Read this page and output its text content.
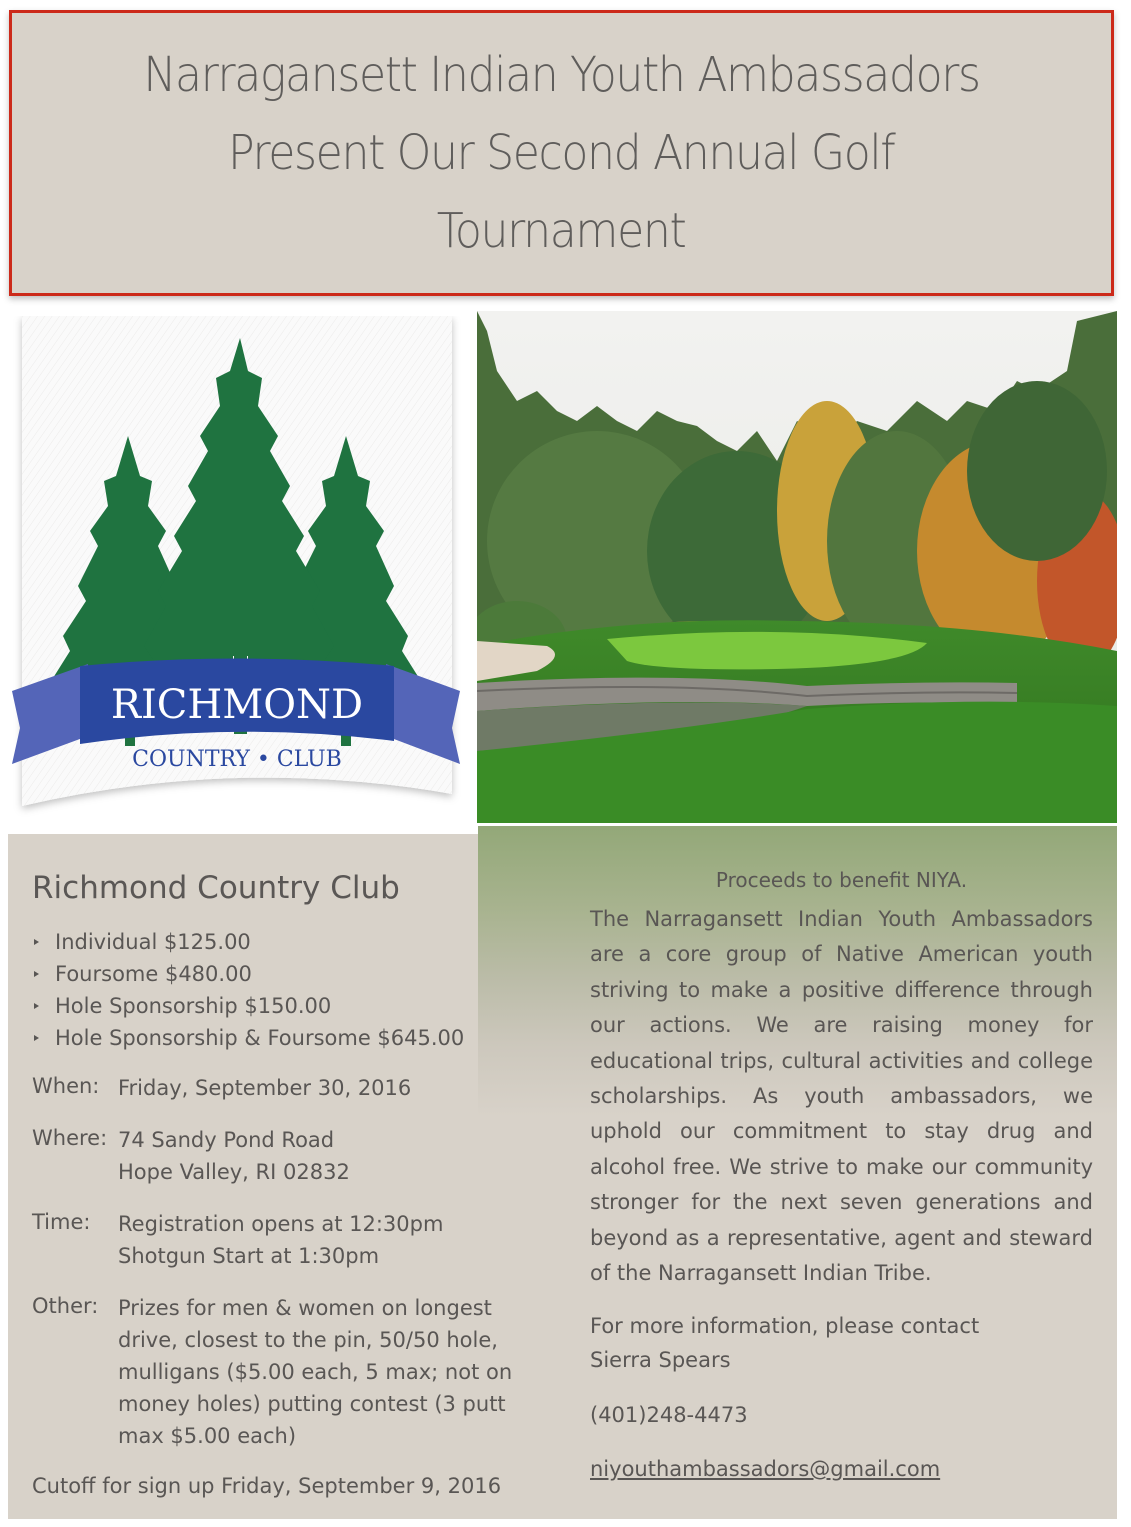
Narragansett Indian Youth Ambassadors
Present Our Second Annual Golf
Tournament
RICHMOND
COUNTRY • CLUB
Richmond Country Club
Individual $125.00
Foursome $480.00
Hole Sponsorship $150.00
Hole Sponsorship & Foursome $645.00
When: Friday, September 30, 2016
Where: 74 Sandy Pond Road
Hope Valley, RI 02832
Time: Registration opens at 12:30pm
Shotgun Start at 1:30pm
Other: Prizes for men & women on longest
drive, closest to the pin, 50/50 hole,
mulligans ($5.00 each, 5 max; not on
money holes) putting contest (3 putt
max $5.00 each)
Cutoff for sign up Friday, September 9, 2016
Proceeds to benefit NIYA.
The Narragansett Indian Youth Ambassadors are a core group of Native American youth striving to make a positive difference through our actions. We are raising money for educational trips, cultural activities and college scholarships. As youth ambassadors, we uphold our commitment to stay drug and alcohol free. We strive to make our community stronger for the next seven generations and beyond as a representative, agent and steward of the Narragansett Indian Tribe.
For more information, please contact
Sierra Spears
(401)248-4473
niyouthambassadors@gmail.com
